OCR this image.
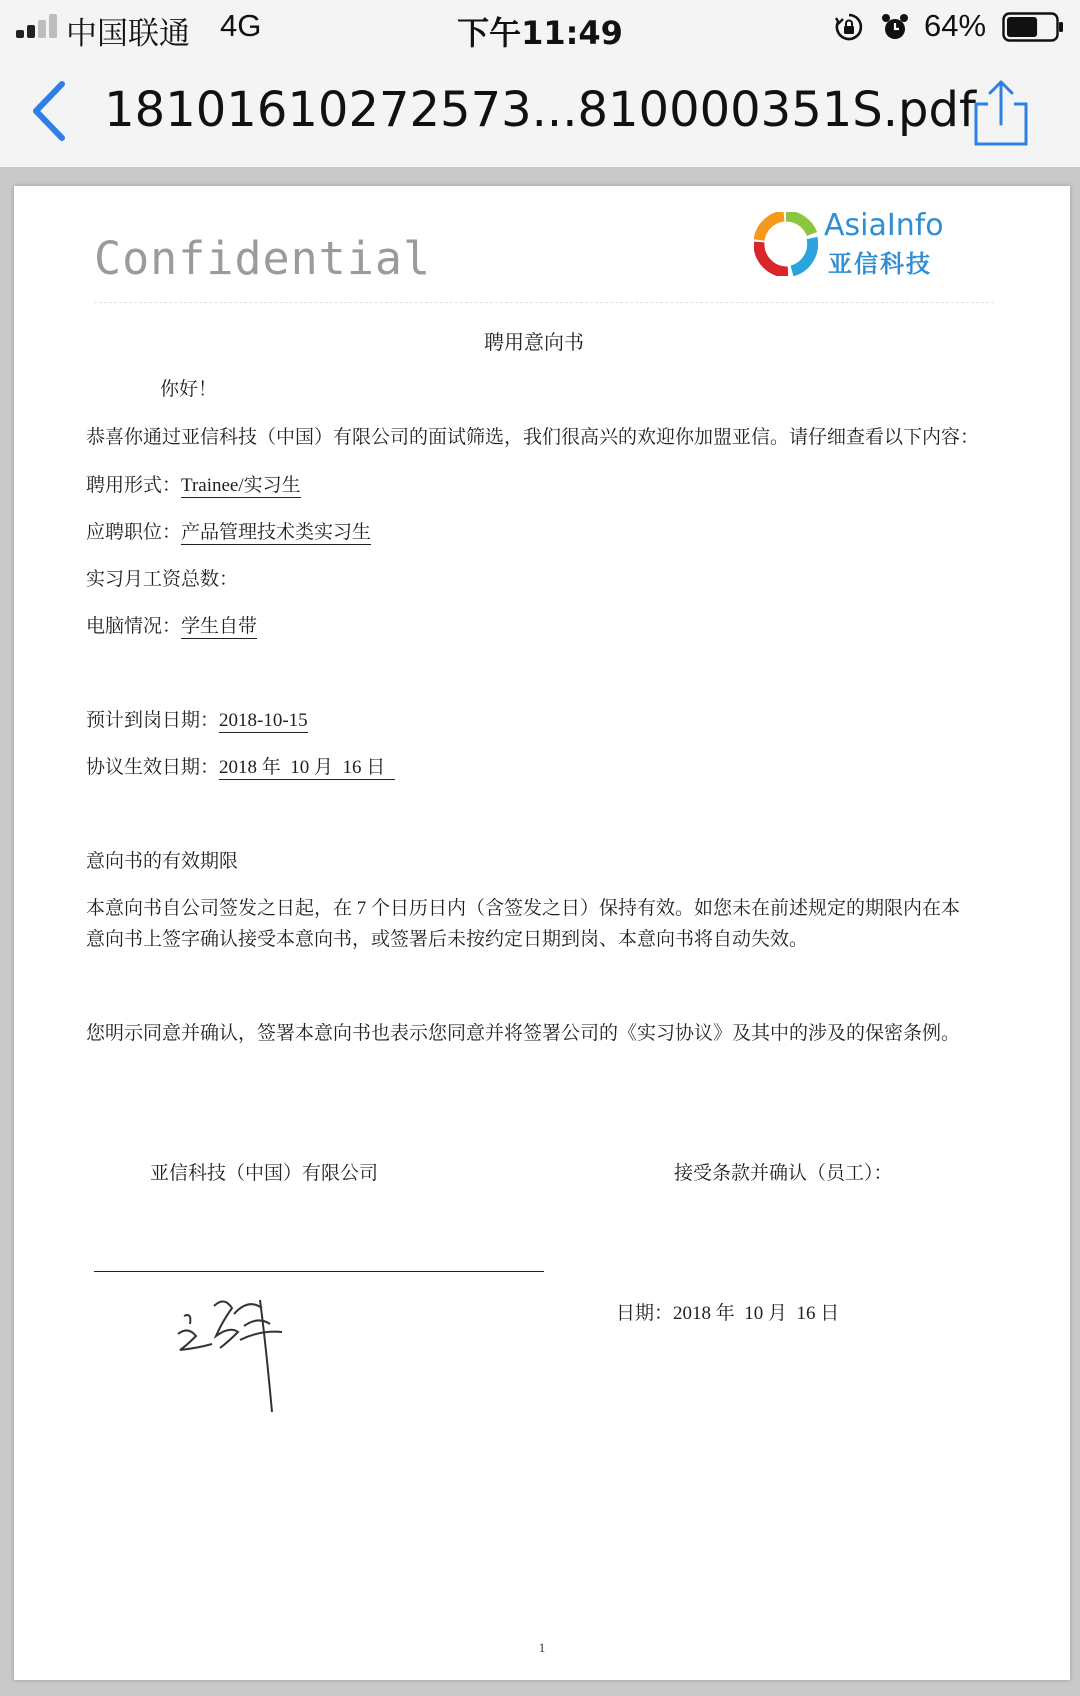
中国联通 4G	下午11:49	64%
18101610272573...810000351S.pdf
Confidential
AsiaInfo
亚信科技
聘用意向书
你好！
恭喜你通过亚信科技（中国）有限公司的面试筛选，我们很高兴的欢迎你加盟亚信。请仔细查看以下内容：
聘用形式：Trainee/实习生
应聘职位：产品管理技术类实习生
实习月工资总数：
电脑情况：学生自带
预计到岗日期：2018-10-15
协议生效日期：2018 年  10 月  16 日
意向书的有效期限
本意向书自公司签发之日起，在 7 个日历日内（含签发之日）保持有效。如您未在前述规定的期限内在本
意向书上签字确认接受本意向书，或签署后未按约定日期到岗、本意向书将自动失效。
您明示同意并确认，签署本意向书也表示您同意并将签署公司的《实习协议》及其中的涉及的保密条例。
亚信科技（中国）有限公司	接受条款并确认（员工）：
日期：2018 年  10 月  16 日
1
